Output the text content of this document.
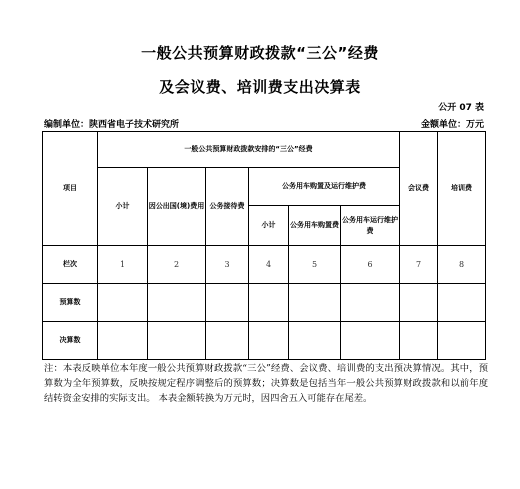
一般公共预算财政拨款“三公”经费
及会议费、培训费支出决算表
公开 07 表
编制单位：陕西省电子技术研究所	金额单位：万元
项目	一般公共预算财政拨款安排的“三公”经费						会议费	培训费
	小计	因公出国(境)费用	公务接待费	公务用车购置及运行维护费				
				小计	公务用车购置费	公务用车运行维护费		
栏次	1	2	3	4	5	6	7	8
预算数								
决算数								
注：本表反映单位本年度一般公共预算财政拨款“三公”经费、会议费、培训费的支出预决算情况。其中，预算数为全年预算数，反映按规定程序调整后的预算数；决算数是包括当年一般公共预算财政拨款和以前年度结转资金安排的实际支出。 本表金额转换为万元时，因四舍五入可能存在尾差。
